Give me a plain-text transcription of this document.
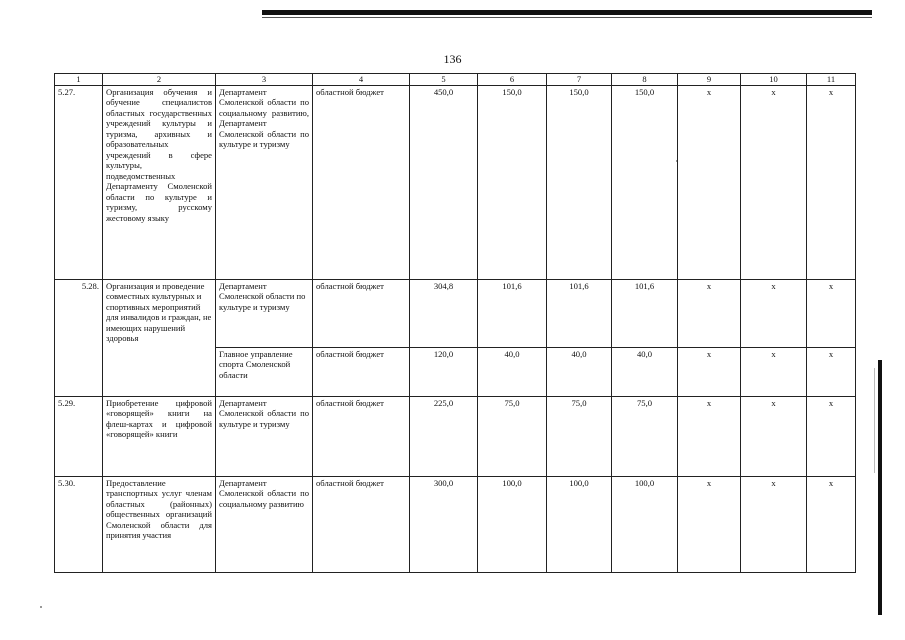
136
1	2	3	4	5	6	7	8	9	10	11
5.27.	Организация обучения и обучение специалистов областных государственных учреждений культуры и туризма, архивных и образовательных учреждений в сфере культуры, подведомственных Департаменту Смоленской области по культуре и туризму, русскому жестовому языку	Департамент Смоленской области по социальному развитию, Департамент Смоленской области по культуре и туризму	областной бюджет	450,0	150,0	150,0	150,0	х	х	х
5.28.	Организация и проведение совместных культурных и спортивных мероприятий для инвалидов и граждан, не имеющих нарушений здоровья	Департамент Смоленской области по культуре и туризму	областной бюджет	304,8	101,6	101,6	101,6	х	х	х
		Главное управление спорта Смоленской области	областной бюджет	120,0	40,0	40,0	40,0	х	х	х
5.29.	Приобретение цифровой «говорящей» книги на флеш-картах и цифровой «говорящей» книги	Департамент Смоленской области по культуре и туризму	областной бюджет	225,0	75,0	75,0	75,0	х	х	х
5.30.	Предоставление транспортных услуг членам областных (районных) общественных организаций Смоленской области для принятия участия	Департамент Смоленской области по социальному развитию	областной бюджет	300,0	100,0	100,0	100,0	х	х	х
